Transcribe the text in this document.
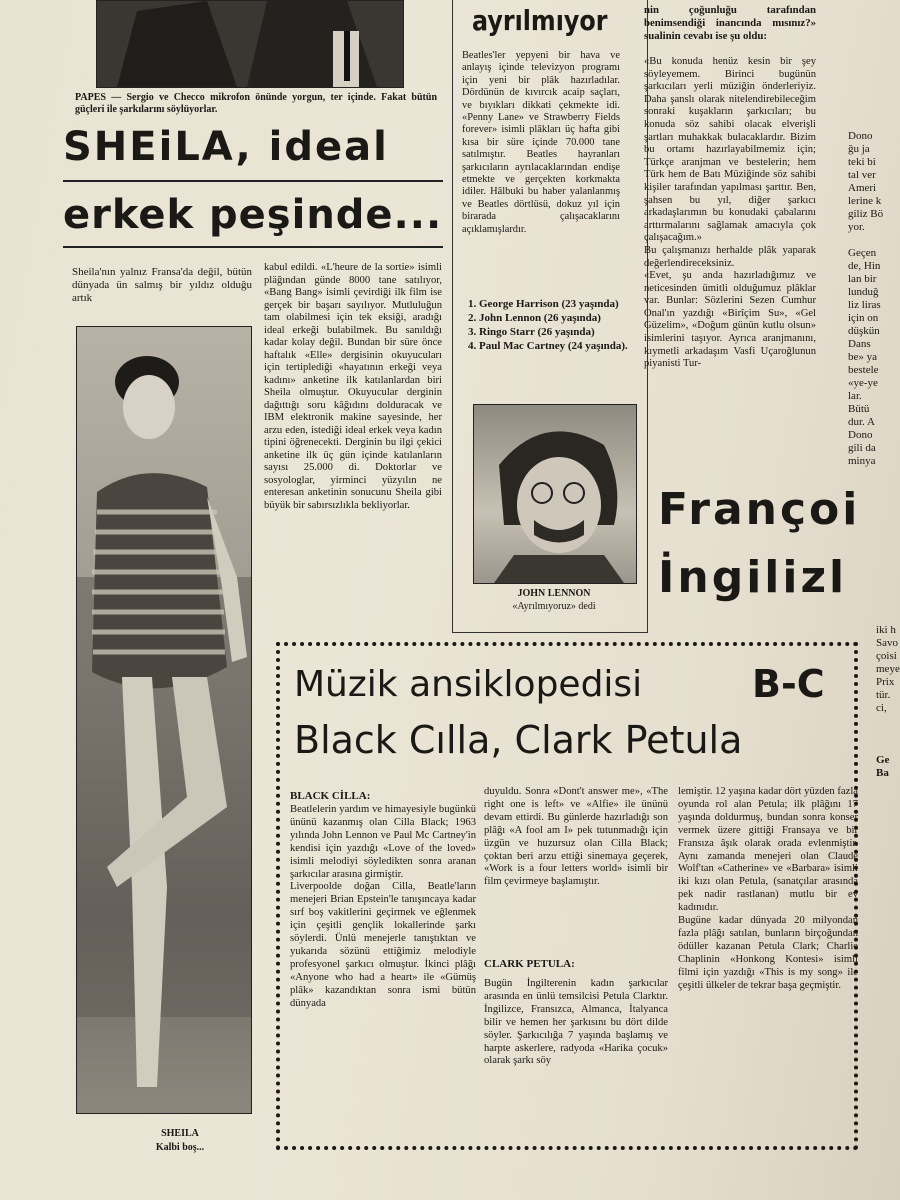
PAPES — Sergio ve Checco mikrofon önünde yorgun, ter içinde. Fakat bütün güçleri ile şarkılarını söylüyorlar.
SHEiLA, ideal
erkek peşinde...
Sheila'nın yalnız Fransa'da değil, bütün dünyada ün salmış bir yıldız olduğu artık
kabul edildi. «L'heure de la sortie» isimli pläğından günde 8000 tane satılıyor, «Bang Bang» isimli çevirdiği ilk film ise gerçek bir başarı sayılıyor. Mutluluğun tam olabilmesi için tek eksiği, aradığı ideal erkeği bulabilmek. Bu sanıldığı kadar kolay değil. Bundan bir süre önce haftalık «Elle» dergisinin okuyucuları için tertiplediği «hayatının erkeği veya kadını» anketine ilk katılanlardan biri Sheila olmuştur. Okuyucular derginin dağıttığı soru kâğıdını dolduracak ve IBM elektronik makine sayesinde, her arzu eden, istediği ideal erkek veya kadın tipini öğrenecekti. Derginin bu ilgi çekici anketine ilk üç gün içinde katılanların sayısı 25.000 di. Doktorlar ve sosyologlar, yirminci yüzyılın ne enteresan anketinin sonucunu Sheila gibi büyük bir sabırsızlıkla bekliyorlar.
SHEILA
Kalbi boş...
ayrılmıyor
Beatles'ler yepyeni bir hava ve anlayış içinde televizyon programı için yeni bir plâk hazırladılar. Dördünün de kıvırcık acaip saçları, ve bıyıkları dikkati çekmekte idi. «Penny Lane» ve Strawberry Fields forever» isimli plâkları üç hafta gibi kısa bir süre içinde 70.000 tane satılmıştır. Beatles hayranları şarkıcıların ayrılacaklarından endişe etmekte ve gerçekten korkmakta idiler. Hâlbuki bu haber yalanlanmış ve Beatles dörtlüsü, dokuz yıl için birarada çalışacaklarını açıklamışlardır.
1. George Harrison (23 yaşında)
2. John Lennon (26 yaşında)
3. Ringo Starr (26 yaşında)
4. Paul Mac Cartney (24 yaşında).
JOHN LENNON
«Ayrılmıyoruz» dedi
nin çoğunluğu tarafından benimsendiği inancında mısınız?» sualinin cevabı ise şu oldu:
«Bu konuda henüz kesin bir şey söyleyemem. Birinci bugünün şarkıcıları yerli müziğin önderleriyiz. Daha şanslı olarak nitelendirebileceğim sonraki kuşakların şarkıcıları; bu konuda söz sahibi olacak elverişli şartları muhakkak bulacaklardır. Bizim bu ortamı hazırlayabilmemiz için; Türkçe aranjman ve bestelerin; hem Türk hem de Batı Müziğinde söz sahibi kişiler tarafından yapılması şarttır. Ben, şahsen bu yıl, diğer şarkıcı arkadaşlarımın bu konudaki çabalarını arttırmalarını sağlamak amacıyla çok çalışacağım.»
Bu çalışmanızı herhalde plâk yaparak değerlendireceksiniz.
«Evet, şu anda hazırladığımız ve neticesinden ümitli olduğumuz plâklar var. Bunlar: Sözlerini Sezen Cumhur Onal'ın yazdığı «Birîçim Su», «Gel Güzelim», «Doğum günün kutlu olsun» isimlerini taşıyor. Ayrıca aranjmanını, kıymetli arkadaşım Vasfi Uçaroğlunun piyanisti Tur-
Françoi
İngilizl
Dono
ğu ja
teki bi
tal ver
Ameri
lerine k
giliz Bö
yor.
Geçen
de, Hin
lan bir
lunduğ
liz liras
için on
düşkün
Dans
be» ya
bestele
«ye-ye
lar.
Bütü
dur. A
Dono
gili da
minya
iki h
Savo
çoisi
meye
Prix
tür.
ci,
Ge
Ba
Müzik ansiklopedisi	B-C
Black Cılla, Clark Petula
BLACK CİLLA:
Beatlelerin yardım ve himayesiyle bugünkü ününü kazanmış olan Cilla Black; 1963 yılında John Lennon ve Paul Mc Cartney'in kendisi için yazdığı «Love of the loved» isimli melodiyi söyledikten sonra aranan şarkıcılar arasına girmiştir.
Liverpoolde doğan Cilla, Beatle'ların menejeri Brian Epstein'le tanışıncaya kadar sırf boş vakitlerini geçirmek ve eğlenmek için çeşitli gençlik lokallerinde şarkı söylerdi. Ünlü menejerle tanıştıktan ve yukarıda sözünü ettiğimiz melodiyle profesyonel şarkıcı olmuştur. İkinci plâğı «Anyone who had a heart» ile «Gümüş plâk» kazandıktan sonra ismi bütün dünyada
duyuldu. Sonra «Dont't answer me», «The right one is left» ve «Alfie» ile ününü devam ettirdi. Bu günlerde hazırladığı son plâğı «A fool am I» pek tutunmadığı için üzgün ve huzursuz olan Cilla Black; çoktan beri arzu ettiği sinemaya geçerek, «Work is a four letters world» isimli bir film çevirmeye başlamıştır.
CLARK PETULA:
Bugün İngilterenin kadın şarkıcılar arasında en ünlü temsilcisi Petula Clarktır. İngilizce, Fransızca, Almanca, İtalyanca bilir ve hemen her şarkısını bu dört dilde söyler. Şarkıcılığa 7 yaşında başlamış ve harpte askerlere, radyoda «Harika çocuk» olarak şarkı söy
lemiştir. 12 yaşına kadar dört yüzden fazla oyunda rol alan Petula; ilk plâğını 17 yaşında doldurmuş, bundan sonra konser vermek üzere gittiği Fransaya ve bir Fransıza âşık olarak orada evlenmiştir. Aynı zamanda menejeri olan Claude Wolf'tan «Catherine» ve «Barbara» isimli iki kızı olan Petula, (sanatçılar arasında pek nadir rastlanan) mutlu bir ev kadınıdır.
Bugüne kadar dünyada 20 milyondan fazla plâğı satılan, bunların birçoğundan ödüller kazanan Petula Clark; Charlie Chaplinin «Honkong Kontesi» isimli filmi için yazdığı «This is my song» ile çeşitli ülkeler de tekrar başa geçmiştir.
